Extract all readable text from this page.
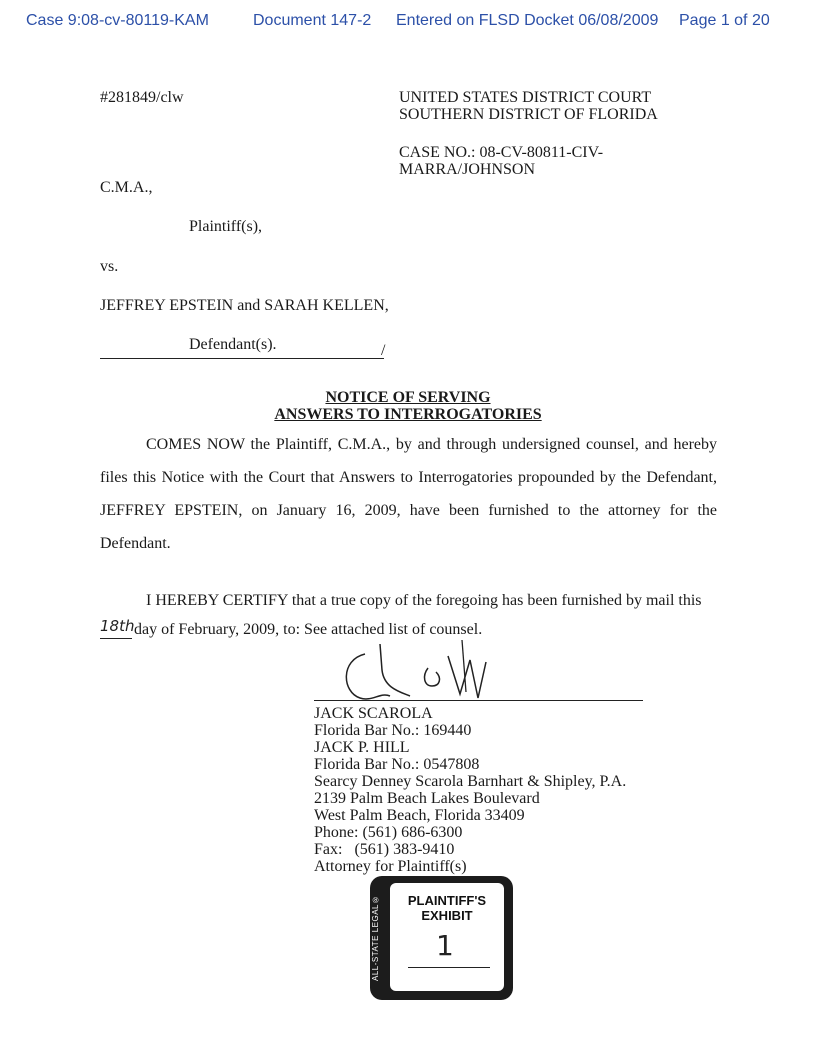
Case 9:08-cv-80119-KAM	Document 147-2 Entered on FLSD Docket 06/08/2009 Page 1 of 20
#281849/clw	UNITED STATES DISTRICT COURT
SOUTHERN DISTRICT OF FLORIDA
CASE NO.: 08-CV-80811-CIV-
MARRA/JOHNSON
C.M.A.,
Plaintiff(s),
vs.
JEFFREY EPSTEIN and SARAH KELLEN,
Defendant(s).	/
NOTICE OF SERVING
ANSWERS TO INTERROGATORIES
COMES NOW the Plaintiff, C.M.A., by and through undersigned counsel, and hereby files this Notice with the Court that Answers to Interrogatories propounded by the Defendant, JEFFREY EPSTEIN, on January 16, 2009, have been furnished to the attorney for the Defendant.
I HEREBY CERTIFY that a true copy of the foregoing has been furnished by mail this
18th day of February, 2009, to: See attached list of counsel.
JACK SCAROLA
Florida Bar No.: 169440
JACK P. HILL
Florida Bar No.: 0547808
Searcy Denney Scarola Barnhart & Shipley, P.A.
2139 Palm Beach Lakes Boulevard
West Palm Beach, Florida 33409
Phone: (561) 686-6300
Fax:   (561) 383-9410
Attorney for Plaintiff(s)
ALL-STATE LEGAL®	PLAINTIFF'S
EXHIBIT
1
